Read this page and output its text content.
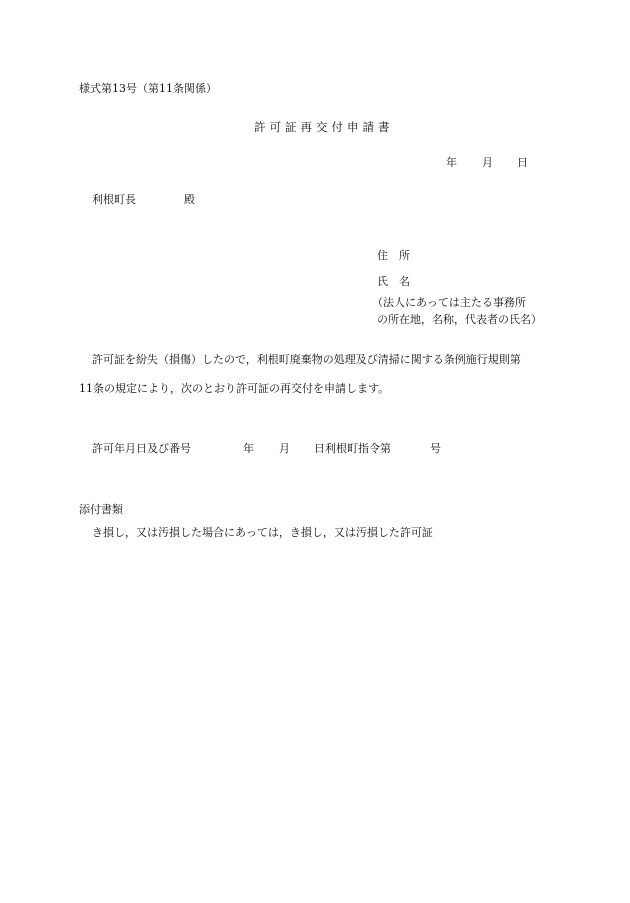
様式第13号（第11条関係）
許可証再交付申請書
年 月 日
利根町長	殿
住　所
氏　名
（法人にあっては主たる事務所
の所在地，名称，代表者の氏名）
許可証を紛失（損傷）したので，利根町廃棄物の処理及び清掃に関する条例施行規則第
11条の規定により，次のとおり許可証の再交付を申請します。
許可年月日及び番号	年 月 日利根町指令第	号
添付書類
き損し，又は汚損した場合にあっては，き損し，又は汚損した許可証
